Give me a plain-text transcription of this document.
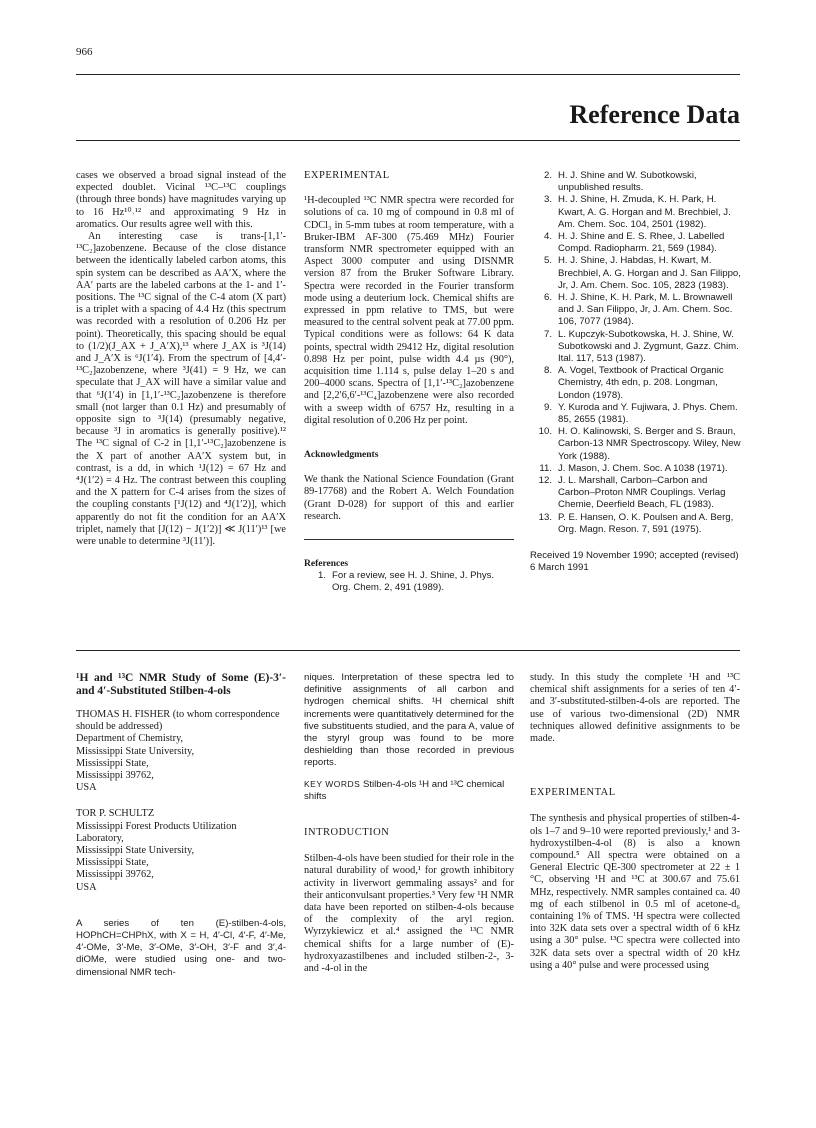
966
Reference Data

cases we observed a broad signal instead of the expected doublet. Vicinal ¹³C–¹³C couplings (through three bonds) have magnitudes varying up to 16 Hz¹⁰˒¹² and approximating 9 Hz in aromatics. Our results agree well with this.

An interesting case is trans-[1,1′-¹³C₂]azobenzene. Because of the close distance between the identically labeled carbon atoms, this spin system can be described as AA′X, where the AA′ parts are the labeled carbons at the 1- and 1′-positions. The ¹³C signal of the C-4 atom (X part) is a triplet with a spacing of 4.4 Hz (this spectrum was recorded with a resolution of 0.206 Hz per point). Theoretically, this spacing should be equal to (1/2)(J_AX + J_A′X),¹³ where J_AX is ³J(14) and J_A′X is ⁶J(1′4). From the spectrum of [4,4′-¹³C₂]azobenzene, where ³J(41) = 9 Hz, we can speculate that J_AX will have a similar value and that ⁶J(1′4) in [1,1′-¹³C₂]azobenzene is therefore small (not larger than 0.1 Hz) and presumably of opposite sign to ³J(14) (presumably negative, because ³J in aromatics is generally positive).¹² The ¹³C signal of C-2 in [1,1′-¹³C₂]azobenzene is the X part of another AA′X system but, in contrast, is a dd, in which ¹J(12) = 67 Hz and ⁴J(1′2) = 4 Hz. The contrast between this coupling and the X pattern for C-4 arises from the sizes of the coupling constants [¹J(12) and ⁴J(1′2)], which apparently do not fit the condition for an AA′X triplet, namely that [J(12) − J(1′2)] ≪ J(11′)¹³ [we were unable to determine ³J(11′)].

EXPERIMENTAL

¹H-decoupled ¹³C NMR spectra were recorded for solutions of ca. 10 mg of compound in 0.8 ml of CDCl₃ in 5-mm tubes at room temperature, with a Bruker-IBM AF-300 (75.469 MHz) Fourier transform NMR spectrometer equipped with an Aspect 3000 computer and using DISNMR version 87 from the Bruker Software Library. Spectra were recorded in the Fourier transform mode using a deuterium lock. Chemical shifts are expressed in ppm relative to TMS, but were measured to the central solvent peak at 77.00 ppm. Typical conditions were as follows: 64 K data points, spectral width 29412 Hz, digital resolution 0.898 Hz per point, pulse width 4.4 µs (90°), acquisition time 1.114 s, pulse delay 1–20 s and 200–4000 scans. Spectra of [1,1′-¹³C₂]azobenzene and [2,2′6,6′-¹³C₄]azobenzene were also recorded with a sweep width of 6757 Hz, resulting in a digital resolution of 0.206 Hz per point.

Acknowledgments

We thank the National Science Foundation (Grant 89-17768) and the Robert A. Welch Foundation (Grant D-028) for support of this and earlier research.

References

1. For a review, see H. J. Shine, J. Phys. Org. Chem. 2, 491 (1989).
2. H. J. Shine and W. Subotkowski, unpublished results.
3. H. J. Shine, H. Zmuda, K. H. Park, H. Kwart, A. G. Horgan and M. Brechbiel, J. Am. Chem. Soc. 104, 2501 (1982).
4. H. J. Shine and E. S. Rhee, J. Labelled Compd. Radiopharm. 21, 569 (1984).
5. H. J. Shine, J. Habdas, H. Kwart, M. Brechbiel, A. G. Horgan and J. San Filippo, Jr, J. Am. Chem. Soc. 105, 2823 (1983).
6. H. J. Shine, K. H. Park, M. L. Brownawell and J. San Filippo, Jr, J. Am. Chem. Soc. 106, 7077 (1984).
7. L. Kupczyk-Subotkowska, H. J. Shine, W. Subotkowski and J. Zygmunt, Gazz. Chim. Ital. 117, 513 (1987).
8. A. Vogel, Textbook of Practical Organic Chemistry, 4th edn, p. 208. Longman, London (1978).
9. Y. Kuroda and Y. Fujiwara, J. Phys. Chem. 85, 2655 (1981).
10. H. O. Kalinowski, S. Berger and S. Braun, Carbon-13 NMR Spectroscopy. Wiley, New York (1988).
11. J. Mason, J. Chem. Soc. A 1038 (1971).
12. J. L. Marshall, Carbon–Carbon and Carbon–Proton NMR Couplings. Verlag Chemie, Deerfield Beach, FL (1983).
13. P. E. Hansen, O. K. Poulsen and A. Berg, Org. Magn. Reson. 7, 591 (1975).
Received 19 November 1990; accepted (revised) 6 March 1991

¹H and ¹³C NMR Study of Some (E)-3′- and 4′-Substituted Stilben-4-ols

THOMAS H. FISHER (to whom correspondence should be addressed)

Department of Chemistry,
Mississippi State University,
Mississippi State,
Mississippi 39762,
USA

TOR P. SCHULTZ

Mississippi Forest Products Utilization Laboratory,
Mississippi State University,
Mississippi State,
Mississippi 39762,
USA

A series of ten (E)-stilben-4-ols, HOPhCH=CHPhX, with X = H, 4′-Cl, 4′-F, 4′-Me, 4′-OMe, 3′-Me, 3′-OMe, 3′-OH, 3′-F and 3′,4-diOMe, were studied using one- and two-dimensional NMR tech-

niques. Interpretation of these spectra led to definitive assignments of all carbon and hydrogen chemical shifts. ¹H chemical shift increments were quantitatively determined for the five substituents studied, and the para A, value of the styryl group was found to be more deshielding than those recorded in previous reports.

KEY WORDS Stilben-4-ols ¹H and ¹³C chemical shifts

INTRODUCTION

Stilben-4-ols have been studied for their role in the natural durability of wood,¹ for growth inhibitory activity in liverwort gemmaling assays² and for their anticonvulsant properties.³ Very few ¹H NMR data have been reported on stilben-4-ols because of the complexity of the aryl region. Wyrzykiewicz et al.⁴ assigned the ¹³C NMR chemical shifts for a large number of (E)-hydroxyazastilbenes and included stilben-2-, 3- and -4-ol in the

study. In this study the complete ¹H and ¹³C chemical shift assignments for a series of ten 4′- and 3′-substituted-stilben-4-ols are reported. The use of various two-dimensional (2D) NMR techniques allowed definitive assignments to be made.

EXPERIMENTAL

The synthesis and physical properties of stilben-4-ols 1–7 and 9–10 were reported previously,¹ and 3-hydroxystilben-4-ol (8) is also a known compound.⁵ All spectra were obtained on a General Electric QE-300 spectrometer at 22 ± 1 °C, observing ¹H and ¹³C at 300.67 and 75.61 MHz, respectively. NMR samples contained ca. 40 mg of each stilbenol in 0.5 ml of acetone-d₆ containing 1% of TMS. ¹H spectra were collected into 32K data sets over a spectral width of 6 kHz using a 30° pulse. ¹³C spectra were collected into 32K data sets over a spectral width of 20 kHz using a 40° pulse and were processed using
